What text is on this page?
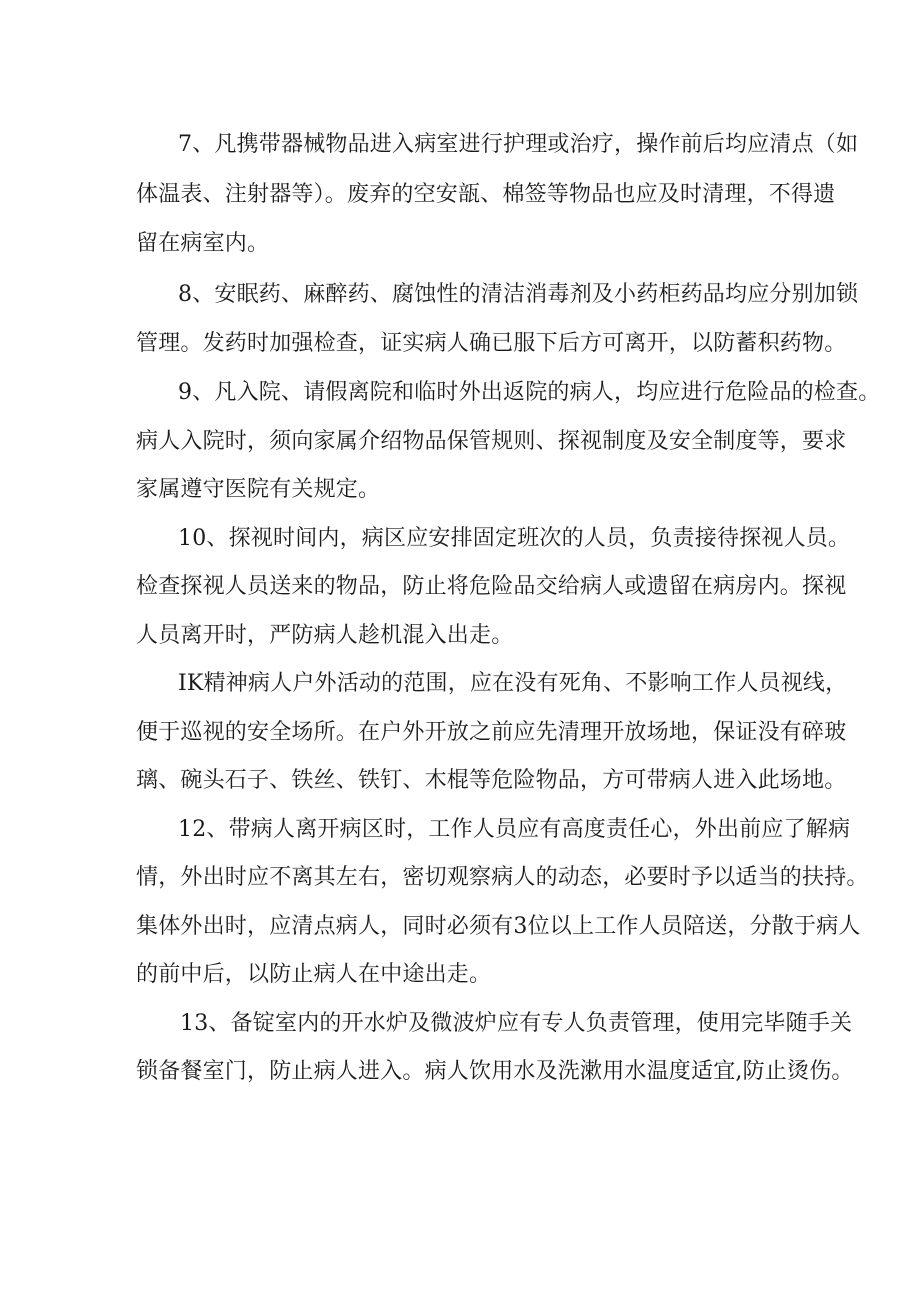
7、凡携带器械物品进入病室进行护理或治疗，操作前后均应清点（如
体温表、注射器等）。废弃的空安瓿、棉签等物品也应及时清理，不得遗
留在病室内。
8、安眠药、麻醉药、腐蚀性的清洁消毒剂及小药柜药品均应分别加锁
管理。发药时加强检查，证实病人确已服下后方可离开，以防蓄积药物。
9、凡入院、请假离院和临时外出返院的病人，均应进行危险品的检查。
病人入院时，须向家属介绍物品保管规则、探视制度及安全制度等，要求
家属遵守医院有关规定。
10、探视时间内，病区应安排固定班次的人员，负责接待探视人员。
检查探视人员送来的物品，防止将危险品交给病人或遗留在病房内。探视
人员离开时，严防病人趁机混入出走。
IK精神病人户外活动的范围，应在没有死角、不影响工作人员视线，
便于巡视的安全场所。在户外开放之前应先清理开放场地，保证没有碎玻
璃、碗头石子、铁丝、铁钉、木棍等危险物品，方可带病人进入此场地。
12、带病人离开病区时，工作人员应有高度责任心，外出前应了解病
情，外出时应不离其左右，密切观察病人的动态，必要时予以适当的扶持。
集体外出时，应清点病人，同时必须有3位以上工作人员陪送，分散于病人
的前中后，以防止病人在中途出走。
13、备锭室内的开水炉及微波炉应有专人负责管理，使用完毕随手关
锁备餐室门，防止病人进入。病人饮用水及洗漱用水温度适宜,防止烫伤。
